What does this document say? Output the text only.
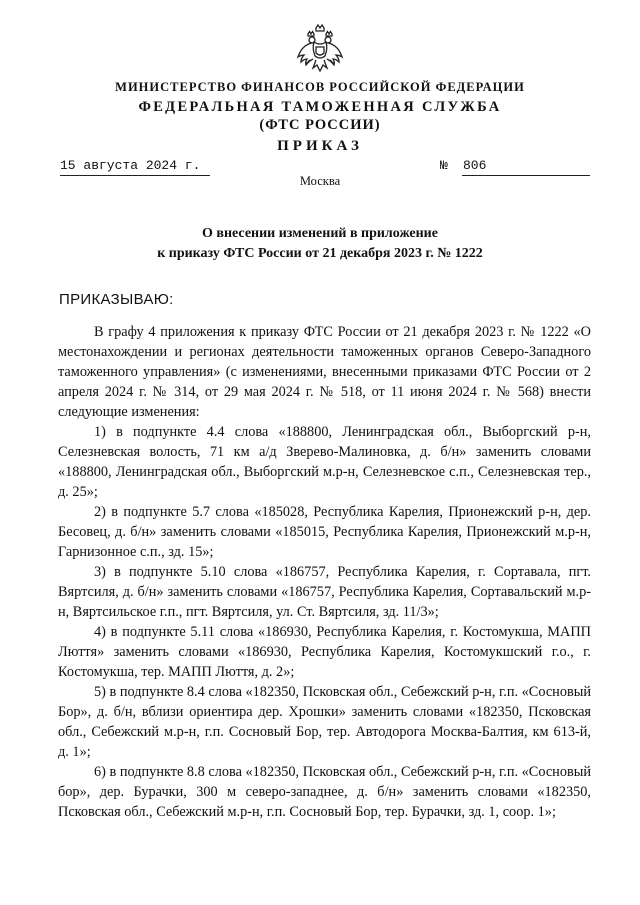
МИНИСТЕРСТВО ФИНАНСОВ РОССИЙСКОЙ ФЕДЕРАЦИИ
ФЕДЕРАЛЬНАЯ ТАМОЖЕННАЯ СЛУЖБА
(ФТС РОССИИ)
ПРИКАЗ
15 августа 2024 г.	№ 806
Москва
О внесении изменений в приложение
к приказу ФТС России от 21 декабря 2023 г. № 1222
ПРИКАЗЫВАЮ:

В графу 4 приложения к приказу ФТС России от 21 декабря 2023 г. № 1222 «О местонахождении и регионах деятельности таможенных органов Северо-Западного таможенного управления» (с изменениями, внесенными приказами ФТС России от 2 апреля 2024 г. № 314, от 29 мая 2024 г. № 518, от 11 июня 2024 г. № 568) внести следующие изменения:

1) в подпункте 4.4 слова «188800, Ленинградская обл., Выборгский р-н, Селезневская волость, 71 км а/д Зверево-Малиновка, д. б/н» заменить словами «188800, Ленинградская обл., Выборгский м.р-н, Селезневское с.п., Селезневская тер., д. 25»;

2) в подпункте 5.7 слова «185028, Республика Карелия, Прионежский р-н, дер. Бесовец, д. б/н» заменить словами «185015, Республика Карелия, Прионежский м.р-н, Гарнизонное с.п., зд. 15»;

3) в подпункте 5.10 слова «186757, Республика Карелия, г. Сортавала, пгт. Вяртсиля, д. б/н» заменить словами «186757, Республика Карелия, Сортавальский м.р-н, Вяртсильское г.п., пгт. Вяртсиля, ул. Ст. Вяртсиля, зд. 11/3»;

4) в подпункте 5.11 слова «186930, Республика Карелия, г. Костомукша, МАПП Люття» заменить словами «186930, Республика Карелия, Костомукшский г.о., г. Костомукша, тер. МАПП Люття, д. 2»;

5) в подпункте 8.4 слова «182350, Псковская обл., Себежский р-н, г.п. «Сосновый Бор», д. б/н, вблизи ориентира дер. Хрошки» заменить словами «182350, Псковская обл., Себежский м.р-н, г.п. Сосновый Бор, тер. Автодорога Москва-Балтия, км 613-й, д. 1»;

6) в подпункте 8.8 слова «182350, Псковская обл., Себежский р-н, г.п. «Сосновый бор», дер. Бурачки, 300 м северо-западнее, д. б/н» заменить словами «182350, Псковская обл., Себежский м.р-н, г.п. Сосновый Бор, тер. Бурачки, зд. 1, соор. 1»;
